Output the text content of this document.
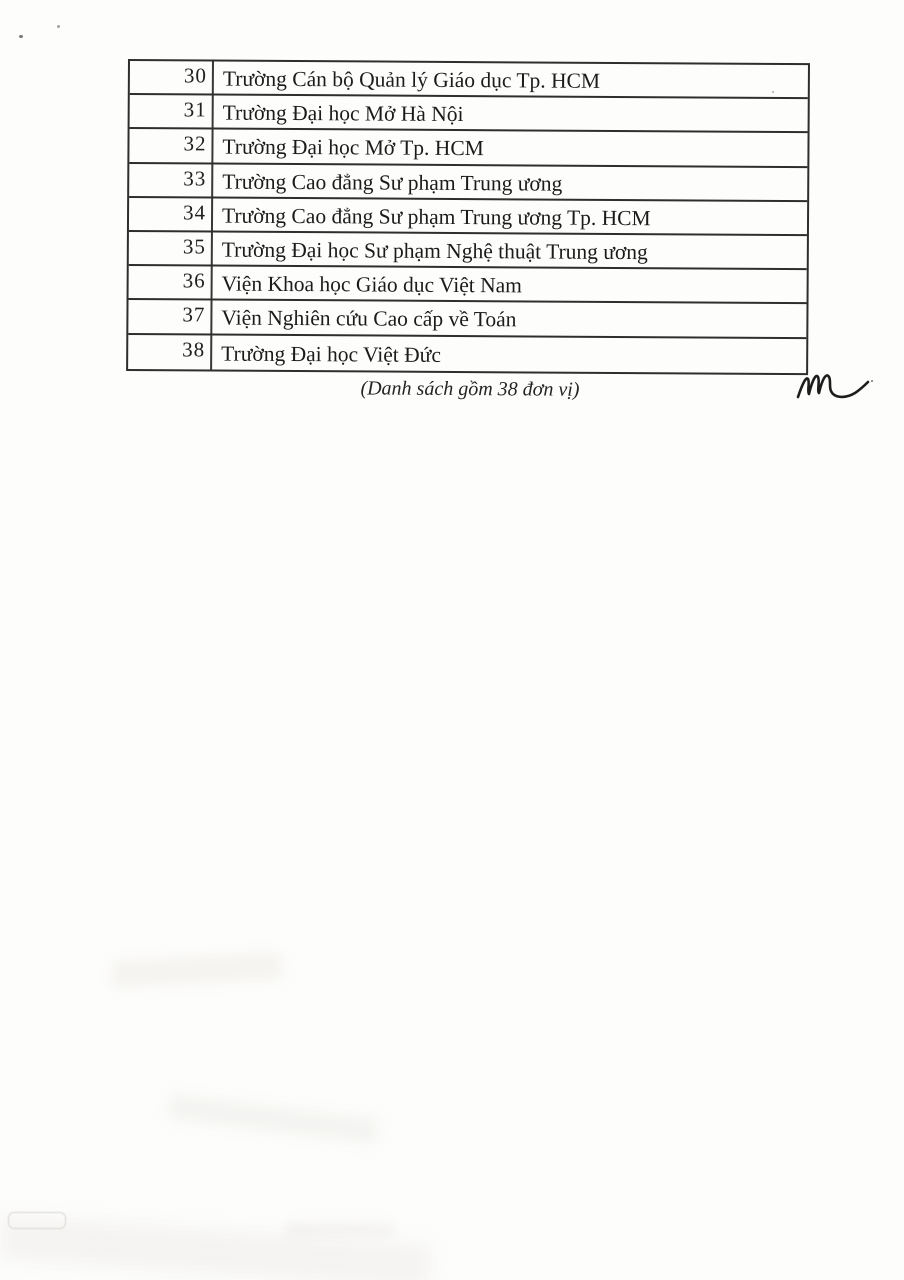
30 Trường Cán bộ Quản lý Giáo dục Tp. HCM
31 Trường Đại học Mở Hà Nội
32 Trường Đại học Mở Tp. HCM
33 Trường Cao đẳng Sư phạm Trung ương
34 Trường Cao đẳng Sư phạm Trung ương Tp. HCM
35 Trường Đại học Sư phạm Nghệ thuật Trung ương
36 Viện Khoa học Giáo dục Việt Nam
37 Viện Nghiên cứu Cao cấp về Toán
38 Trường Đại học Việt Đức
(Danh sách gồm 38 đơn vị)
